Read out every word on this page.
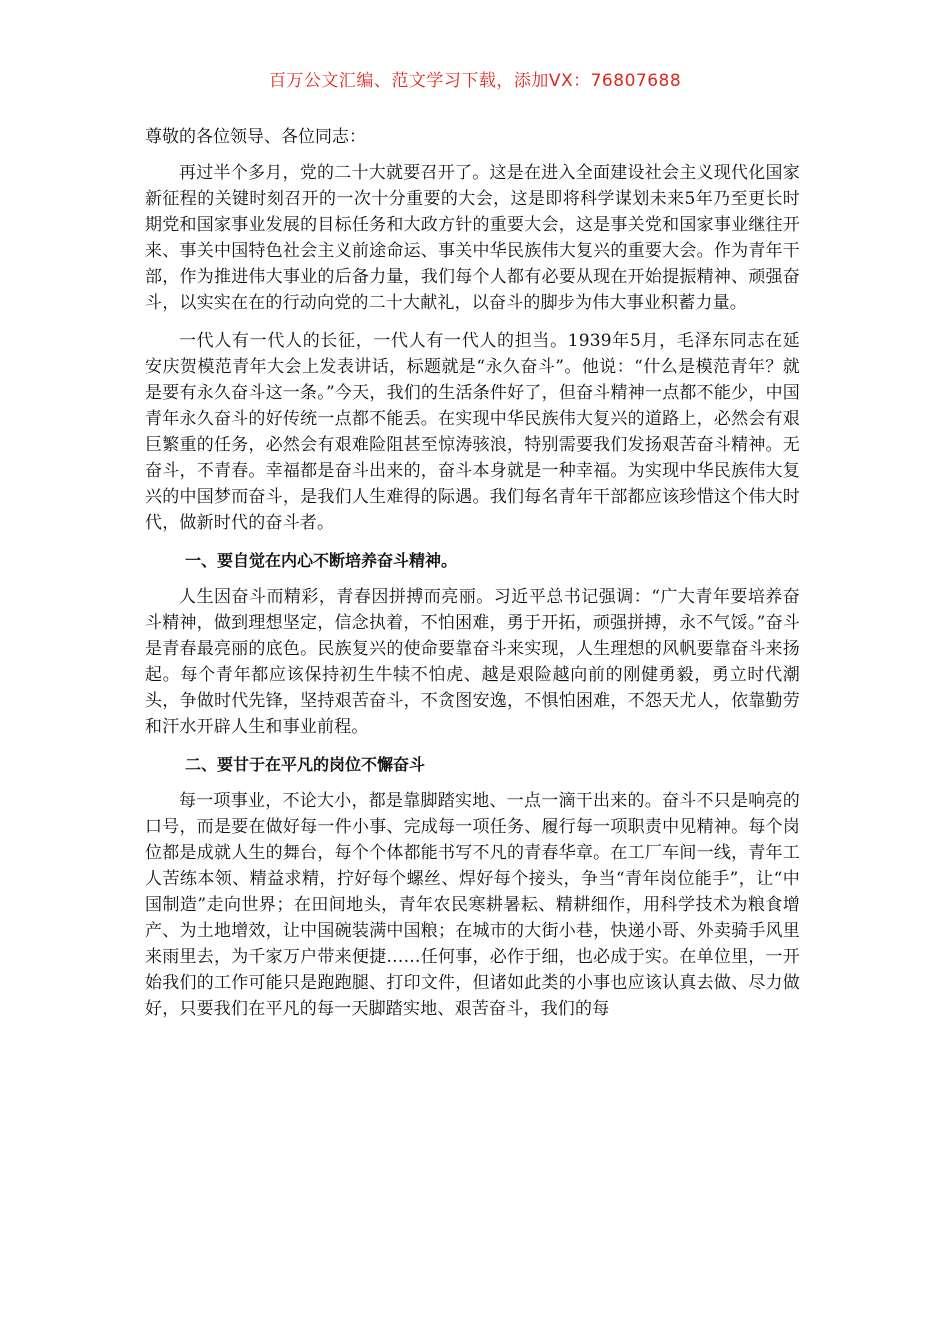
百万公文汇编、范文学习下载，添加VX：76807688

尊敬的各位领导、各位同志：

再过半个多月，党的二十大就要召开了。这是在进入全面建设社会主义现代化国家新征程的关键时刻召开的一次十分重要的大会，这是即将科学谋划未来5年乃至更长时期党和国家事业发展的目标任务和大政方针的重要大会，这是事关党和国家事业继往开来、事关中国特色社会主义前途命运、事关中华民族伟大复兴的重要大会。作为青年干部，作为推进伟大事业的后备力量，我们每个人都有必要从现在开始提振精神、顽强奋斗，以实实在在的行动向党的二十大献礼，以奋斗的脚步为伟大事业积蓄力量。

一代人有一代人的长征，一代人有一代人的担当。1939年5月，毛泽东同志在延安庆贺模范青年大会上发表讲话，标题就是“永久奋斗”。他说：“什么是模范青年？就是要有永久奋斗这一条。”今天，我们的生活条件好了，但奋斗精神一点都不能少，中国青年永久奋斗的好传统一点都不能丢。在实现中华民族伟大复兴的道路上，必然会有艰巨繁重的任务，必然会有艰难险阻甚至惊涛骇浪，特别需要我们发扬艰苦奋斗精神。无奋斗，不青春。幸福都是奋斗出来的，奋斗本身就是一种幸福。为实现中华民族伟大复兴的中国梦而奋斗，是我们人生难得的际遇。我们每名青年干部都应该珍惜这个伟大时代，做新时代的奋斗者。

一、要自觉在内心不断培养奋斗精神。

人生因奋斗而精彩，青春因拼搏而亮丽。习近平总书记强调：“广大青年要培养奋斗精神，做到理想坚定，信念执着，不怕困难，勇于开拓，顽强拼搏，永不气馁。”奋斗是青春最亮丽的底色。民族复兴的使命要靠奋斗来实现，人生理想的风帆要靠奋斗来扬起。每个青年都应该保持初生牛犊不怕虎、越是艰险越向前的刚健勇毅，勇立时代潮头，争做时代先锋，坚持艰苦奋斗，不贪图安逸，不惧怕困难，不怨天尤人，依靠勤劳和汗水开辟人生和事业前程。

二、要甘于在平凡的岗位不懈奋斗

每一项事业，不论大小，都是靠脚踏实地、一点一滴干出来的。奋斗不只是响亮的口号，而是要在做好每一件小事、完成每一项任务、履行每一项职责中见精神。每个岗位都是成就人生的舞台，每个个体都能书写不凡的青春华章。在工厂车间一线，青年工人苦练本领、精益求精，拧好每个螺丝、焊好每个接头，争当“青年岗位能手”，让“中国制造”走向世界；在田间地头，青年农民寒耕暑耘、精耕细作，用科学技术为粮食增产、为土地增效，让中国碗装满中国粮；在城市的大街小巷，快递小哥、外卖骑手风里来雨里去，为千家万户带来便捷……任何事，必作于细，也必成于实。在单位里，一开始我们的工作可能只是跑跑腿、打印文件，但诸如此类的小事也应该认真去做、尽力做好，只要我们在平凡的每一天脚踏实地、艰苦奋斗，我们的每
